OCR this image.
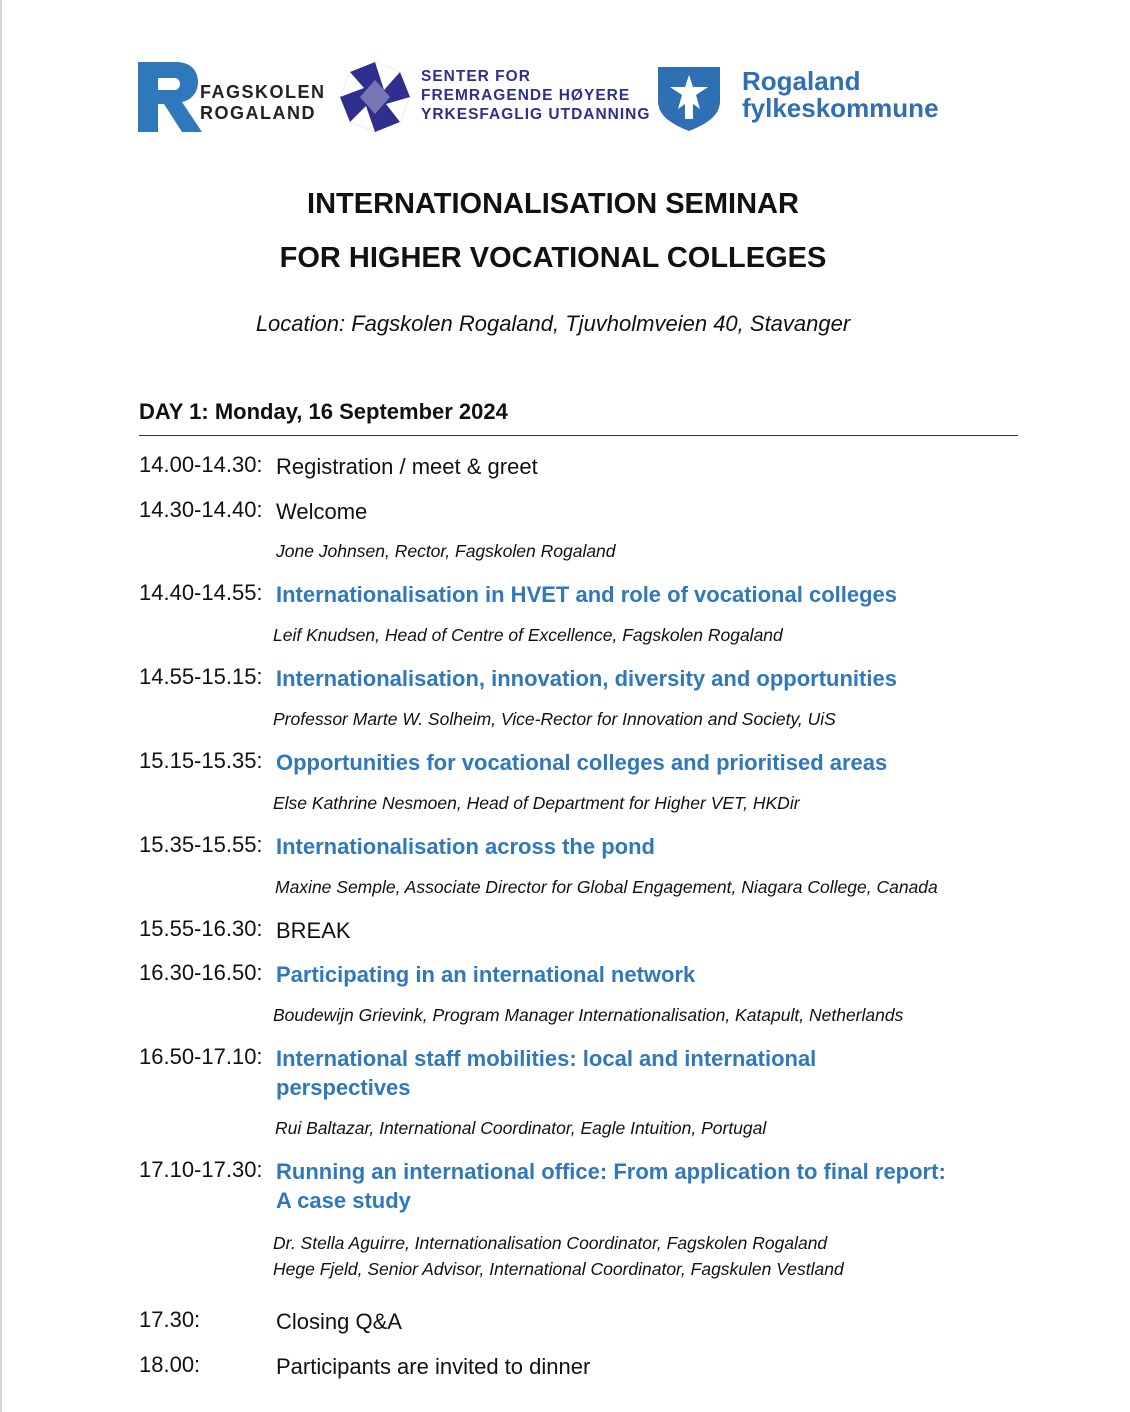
FAGSKOLEN
ROGALAND
SENTER FOR
FREMRAGENDE HØYERE
YRKESFAGLIG UTDANNING
Rogaland
fylkeskommune
INTERNATIONALISATION SEMINAR
FOR HIGHER VOCATIONAL COLLEGES
Location: Fagskolen Rogaland, Tjuvholmveien 40, Stavanger
DAY 1: Monday, 16 September 2024
14.00-14.30: Registration / meet & greet
14.30-14.40: Welcome
Jone Johnsen, Rector, Fagskolen Rogaland
14.40-14.55: Internationalisation in HVET and role of vocational colleges
Leif Knudsen, Head of Centre of Excellence, Fagskolen Rogaland
14.55-15.15: Internationalisation, innovation, diversity and opportunities
Professor Marte W. Solheim, Vice-Rector for Innovation and Society, UiS
15.15-15.35: Opportunities for vocational colleges and prioritised areas
Else Kathrine Nesmoen, Head of Department for Higher VET, HKDir
15.35-15.55: Internationalisation across the pond
Maxine Semple, Associate Director for Global Engagement, Niagara College, Canada
15.55-16.30: BREAK
16.30-16.50: Participating in an international network
Boudewijn Grievink, Program Manager Internationalisation, Katapult, Netherlands
16.50-17.10: International staff mobilities: local and international
perspectives
Rui Baltazar, International Coordinator, Eagle Intuition, Portugal
17.10-17.30: Running an international office: From application to final report:
A case study
Dr. Stella Aguirre, Internationalisation Coordinator, Fagskolen Rogaland
Hege Fjeld, Senior Advisor, International Coordinator, Fagskulen Vestland
17.30:	Closing Q&A
18.00:	Participants are invited to dinner
